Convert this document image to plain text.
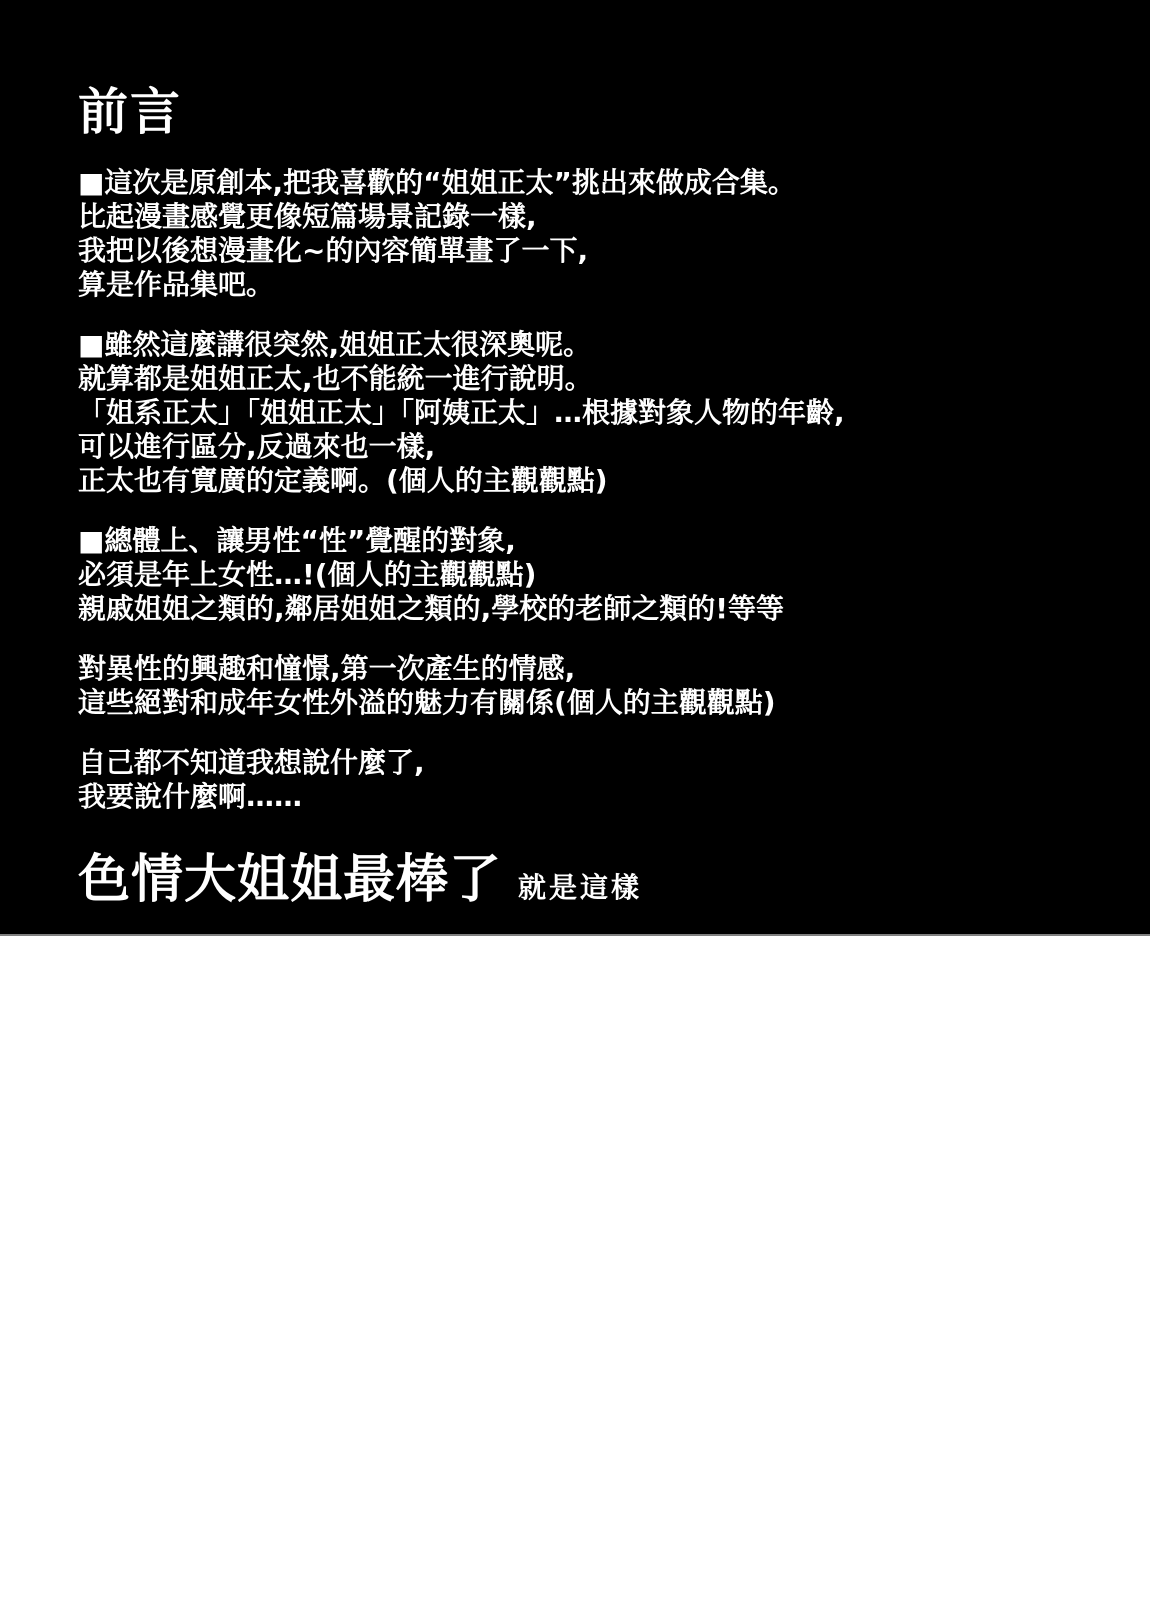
前言
■這次是原創本,把我喜歡的“姐姐正太”挑出來做成合集。
比起漫畫感覺更像短篇場景記錄一樣,
我把以後想漫畫化~的內容簡單畫了一下,
算是作品集吧。
■雖然這麼講很突然,姐姐正太很深奧呢。
就算都是姐姐正太,也不能統一進行說明。
「姐系正太」「姐姐正太」「阿姨正太」…根據對象人物的年齡,
可以進行區分,反過來也一樣,
正太也有寬廣的定義啊。(個人的主觀觀點)
■總體上、讓男性“性”覺醒的對象,
必須是年上女性…!(個人的主觀觀點)
親戚姐姐之類的,鄰居姐姐之類的,學校的老師之類的!等等
對異性的興趣和憧憬,第一次產生的情感,
這些絕對和成年女性外溢的魅力有關係(個人的主觀觀點)
自己都不知道我想說什麼了,
我要說什麼啊……
色情大姐姐最棒了 就是這樣
